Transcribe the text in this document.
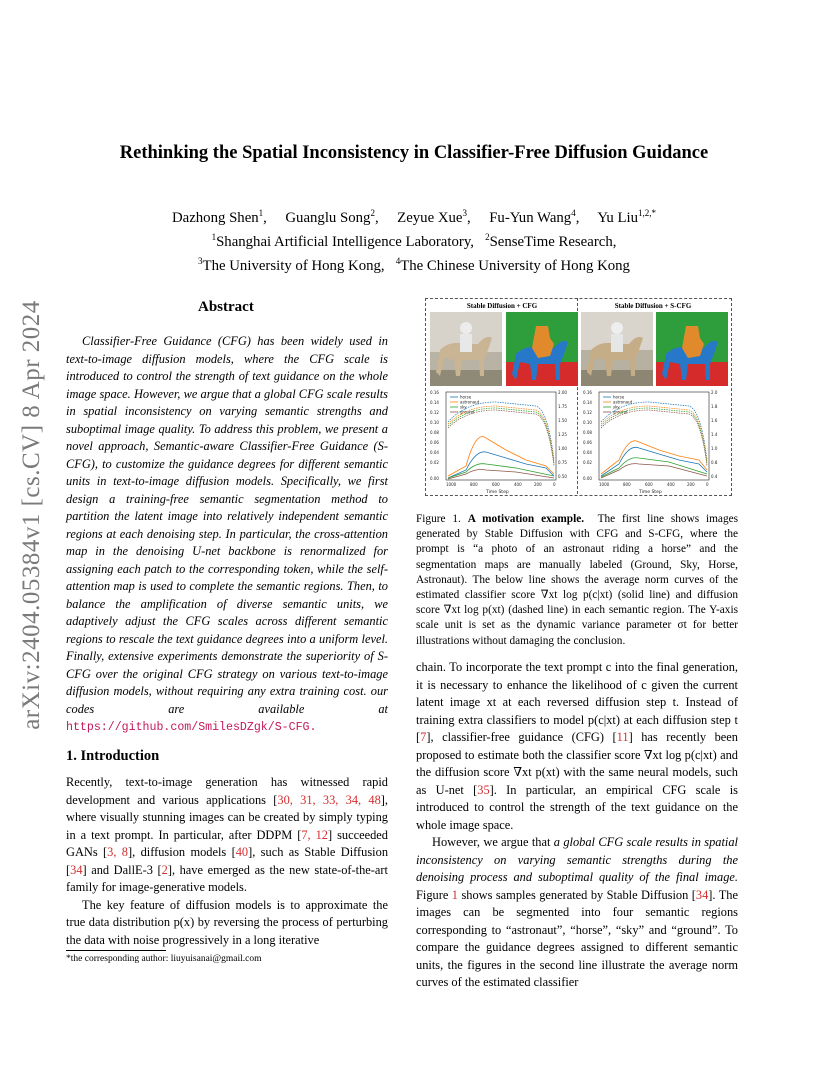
arXiv:2404.05384v1 [cs.CV] 8 Apr 2024
Rethinking the Spatial Inconsistency in Classifier-Free Diffusion Guidance
Dazhong Shen$^1$,     Guanglu Song$^2$,     Zeyue Xue$^3$,     Fu-Yun Wang$^4$,     Yu Liu$^{1,2,*}$
$^1$Shanghai Artificial Intelligence Laboratory, $^2$SenseTime Research,
$^3$The University of Hong Kong, $^4$The Chinese University of Hong Kong
Abstract
Classifier-Free Guidance (CFG) has been widely used in text-to-image diffusion models, where the CFG scale is introduced to control the strength of text guidance on the whole image space. However, we argue that a global CFG scale results in spatial inconsistency on varying semantic strengths and suboptimal image quality. To address this problem, we present a novel approach, Semantic-aware Classifier-Free Guidance (S-CFG), to customize the guidance degrees for different semantic units in text-to-image diffusion models. Specifically, we first design a training-free semantic segmentation method to partition the latent image into relatively independent semantic regions at each denoising step. In particular, the cross-attention map in the denoising U-net backbone is renormalized for assigning each patch to the corresponding token, while the self-attention map is used to complete the semantic regions. Then, to balance the amplification of diverse semantic units, we adaptively adjust the CFG scales across different semantic regions to rescale the text guidance degrees into a uniform level. Finally, extensive experiments demonstrate the superiority of S-CFG over the original CFG strategy on various text-to-image diffusion models, without requiring any extra training cost. our codes are available at https://github.com/SmilesDZgk/S-CFG.
1. Introduction
Recently, text-to-image generation has witnessed rapid development and various applications [30, 31, 33, 34, 48], where visually stunning images can be created by simply typing in a text prompt. In particular, after DDPM [7, 12] succeeded GANs [3, 8], diffusion models [40], such as Stable Diffusion [34] and DallE-3 [2], have emerged as the new state-of-the-art family for image-generative models.
The key feature of diffusion models is to approximate the true data distribution p(x) by reversing the process of perturbing the data with noise progressively in a long iterative
*the corresponding author: liuyuisanai@gmail.com
Stable Diffusion + CFG	Stable Diffusion + S-CFG
0.16
0.14
0.12
0.10
0.08
0.06
0.04
0.02
0.00
2.00
1.75
1.50
1.25
1.00
0.75
0.50
1000	800	600	400	200	0
Time Step
horse
astronaut
sky
ground
0.16
0.14
0.12
0.10
0.08
0.06
0.04
0.02
0.00
2.0
1.8
1.6
1.4
1.0
0.8
0.4
1000	800	600	400	200	0
Time Step
horse
astronaut
sky
ground
Figure 1. A motivation example. The first line shows images generated by Stable Diffusion with CFG and S-CFG, where the prompt is “a photo of an astronaut riding a horse” and the segmentation maps are manually labeled (Ground, Sky, Horse, Astronaut). The below line shows the average norm curves of the estimated classifier score ∇xt log p(c|xt) (solid line) and diffusion score ∇xt log p(xt) (dashed line) in each semantic region. The Y-axis scale unit is set as the dynamic variance parameter σt for better illustrations without damaging the conclusion.
chain. To incorporate the text prompt c into the final generation, it is necessary to enhance the likelihood of c given the current latent image xt at each reversed diffusion step t. Instead of training extra classifiers to model p(c|xt) at each diffusion step t [7], classifier-free guidance (CFG) [11] has recently been proposed to estimate both the classifier score ∇xt log p(c|xt) and the diffusion score ∇xt p(xt) with the same neural models, such as U-net [35]. In particular, an empirical CFG scale is introduced to control the strength of the text guidance on the whole image space.
However, we argue that a global CFG scale results in spatial inconsistency on varying semantic strengths during the denoising process and suboptimal quality of the final image. Figure 1 shows samples generated by Stable Diffusion [34]. The images can be segmented into four semantic regions corresponding to “astronaut”, “horse”, “sky” and “ground”. To compare the guidance degrees assigned to different semantic units, the figures in the second line illustrate the average norm curves of the estimated classifier
